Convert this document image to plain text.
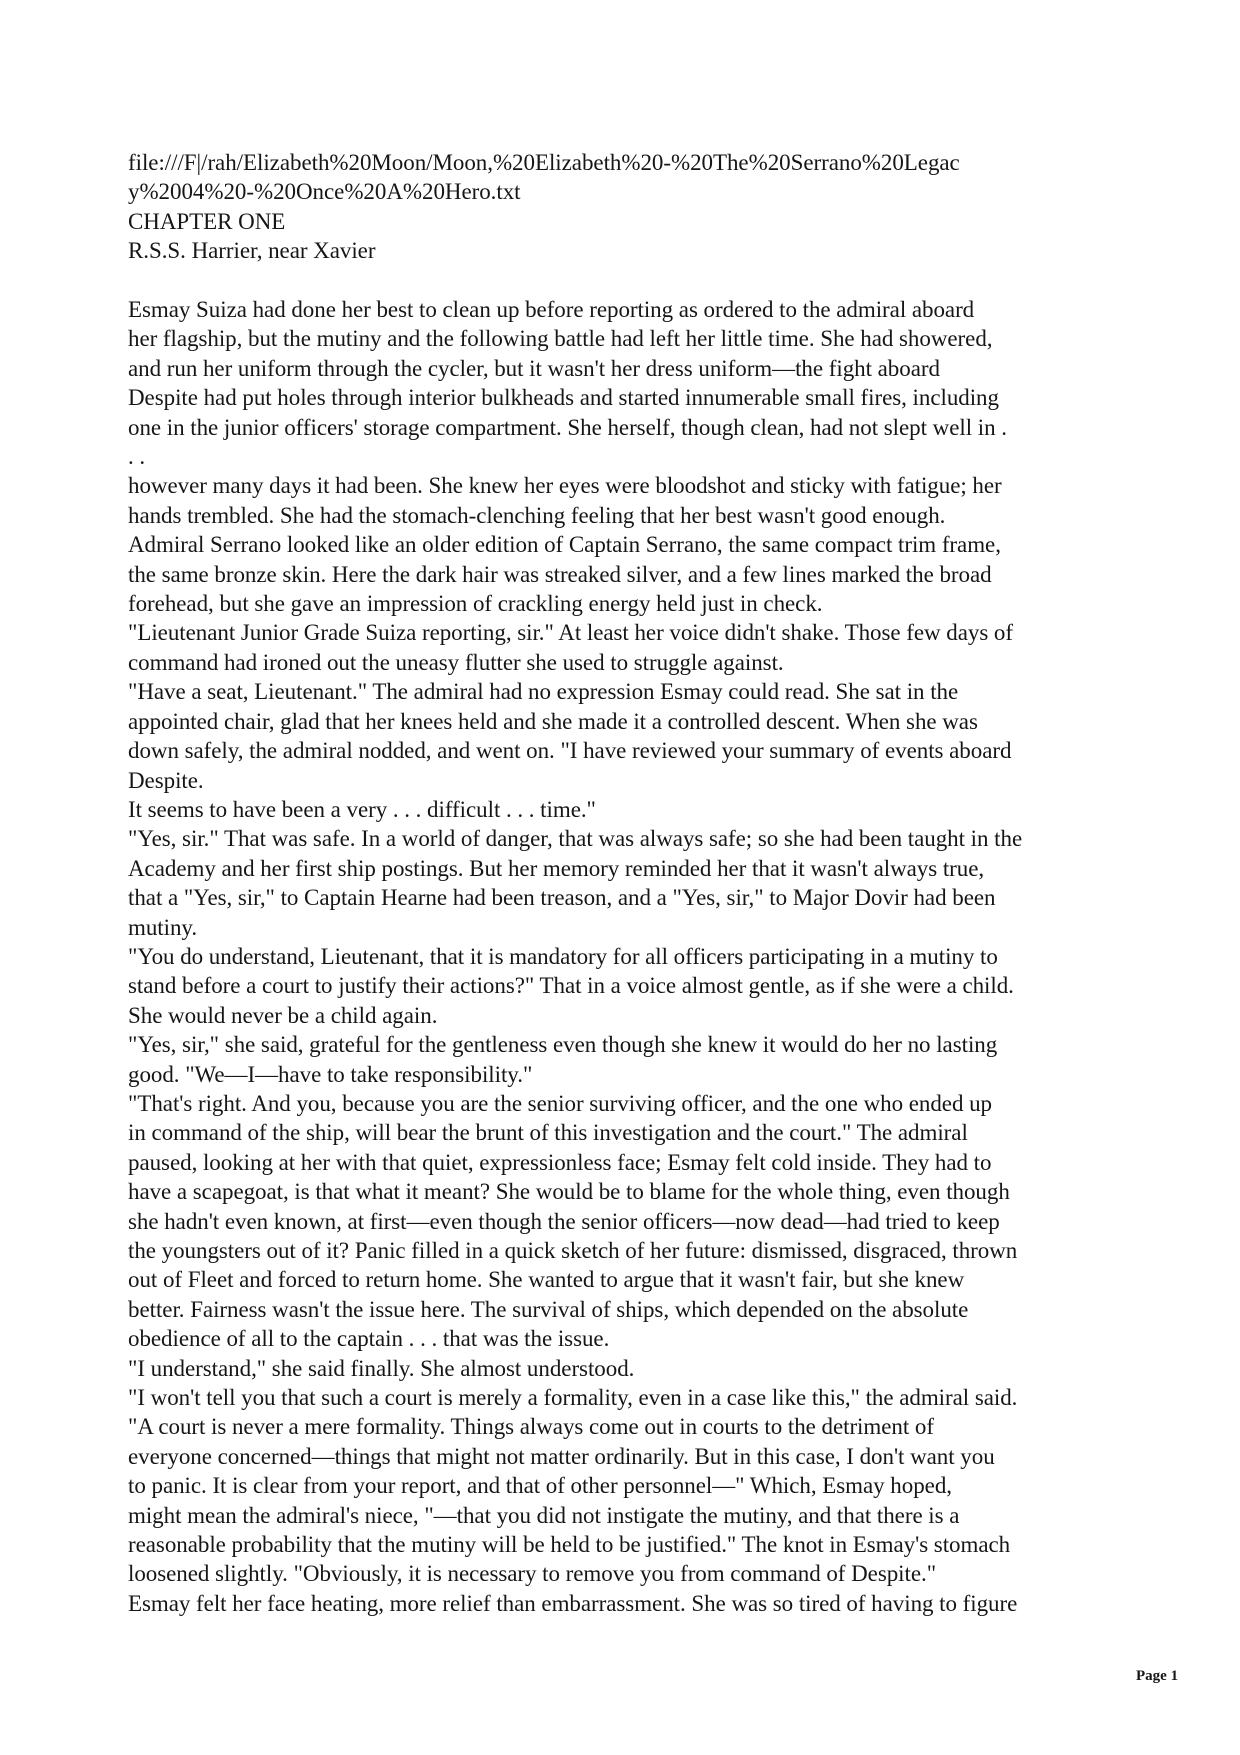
file:///F|/rah/Elizabeth%20Moon/Moon,%20Elizabeth%20-%20The%20Serrano%20Legac
y%2004%20-%20Once%20A%20Hero.txt
CHAPTER ONE
R.S.S. Harrier, near Xavier
Esmay Suiza had done her best to clean up before reporting as ordered to the admiral aboard
her flagship, but the mutiny and the following battle had left her little time. She had showered,
and run her uniform through the cycler, but it wasn't her dress uniform—the fight aboard
Despite had put holes through interior bulkheads and started innumerable small fires, including
one in the junior officers' storage compartment. She herself, though clean, had not slept well in .
. .
however many days it had been. She knew her eyes were bloodshot and sticky with fatigue; her
hands trembled. She had the stomach-clenching feeling that her best wasn't good enough.
Admiral Serrano looked like an older edition of Captain Serrano, the same compact trim frame,
the same bronze skin. Here the dark hair was streaked silver, and a few lines marked the broad
forehead, but she gave an impression of crackling energy held just in check.
"Lieutenant Junior Grade Suiza reporting, sir." At least her voice didn't shake. Those few days of
command had ironed out the uneasy flutter she used to struggle against.
"Have a seat, Lieutenant." The admiral had no expression Esmay could read. She sat in the
appointed chair, glad that her knees held and she made it a controlled descent. When she was
down safely, the admiral nodded, and went on. "I have reviewed your summary of events aboard
Despite.
It seems to have been a very . . . difficult . . . time."
"Yes, sir." That was safe. In a world of danger, that was always safe; so she had been taught in the
Academy and her first ship postings. But her memory reminded her that it wasn't always true,
that a "Yes, sir," to Captain Hearne had been treason, and a "Yes, sir," to Major Dovir had been
mutiny.
"You do understand, Lieutenant, that it is mandatory for all officers participating in a mutiny to
stand before a court to justify their actions?" That in a voice almost gentle, as if she were a child.
She would never be a child again.
"Yes, sir," she said, grateful for the gentleness even though she knew it would do her no lasting
good. "We—I—have to take responsibility."
"That's right. And you, because you are the senior surviving officer, and the one who ended up
in command of the ship, will bear the brunt of this investigation and the court." The admiral
paused, looking at her with that quiet, expressionless face; Esmay felt cold inside. They had to
have a scapegoat, is that what it meant? She would be to blame for the whole thing, even though
she hadn't even known, at first—even though the senior officers—now dead—had tried to keep
the youngsters out of it? Panic filled in a quick sketch of her future: dismissed, disgraced, thrown
out of Fleet and forced to return home. She wanted to argue that it wasn't fair, but she knew
better. Fairness wasn't the issue here. The survival of ships, which depended on the absolute
obedience of all to the captain . . . that was the issue.
"I understand," she said finally. She almost understood.
"I won't tell you that such a court is merely a formality, even in a case like this," the admiral said.
"A court is never a mere formality. Things always come out in courts to the detriment of
everyone concerned—things that might not matter ordinarily. But in this case, I don't want you
to panic. It is clear from your report, and that of other personnel—" Which, Esmay hoped,
might mean the admiral's niece, "—that you did not instigate the mutiny, and that there is a
reasonable probability that the mutiny will be held to be justified." The knot in Esmay's stomach
loosened slightly. "Obviously, it is necessary to remove you from command of Despite."
Esmay felt her face heating, more relief than embarrassment. She was so tired of having to figure
Page 1
